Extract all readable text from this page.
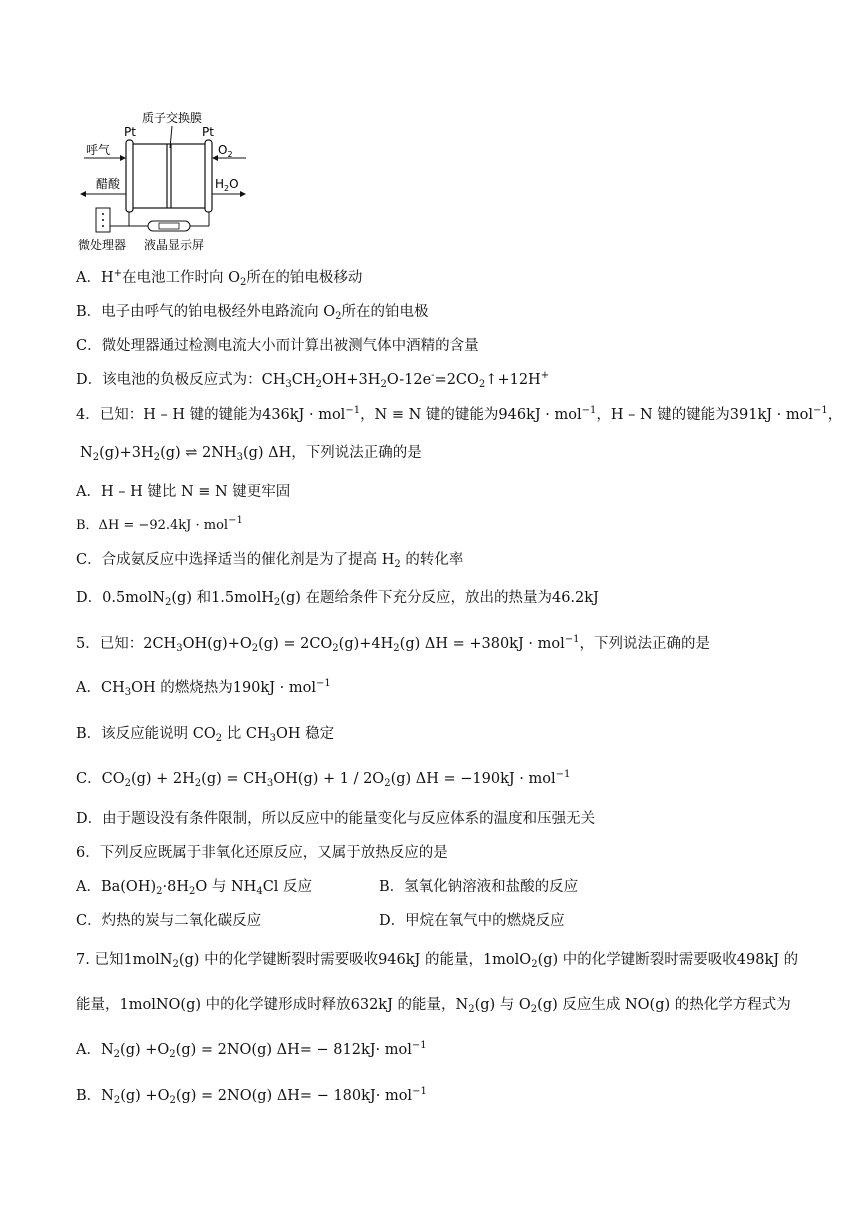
质子交换膜
Pt	Pt
呼气
醋酸
$O_2$
$H_2O$
微处理器 液晶显示屏
A．H+在电池工作时向 $O_2$所在的铂电极移动
B．电子由呼气的铂电极经外电路流向 $O_2$所在的铂电极
C．微处理器通过检测电流大小而计算出被测气体中酒精的含量
D．该电池的负极反应式为：$CH_3CH_2OH+3H_2O-12e^-=2CO_2↑+12H^+$
4．已知：H – H 键的键能为436kJ · mol$^{-1}$，N ≡ N 键的键能为946kJ · mol$^{-1}$，H – N 键的键能为391kJ · mol$^{-1}$，
$N_2(g)+3H_2(g)$ ⇌ $2NH_3(g)$ ΔH，下列说法正确的是
A．H – H 键比 N ≡ N 键更牢固
B．ΔH = −92.4kJ · mol$^{-1}$
C．合成氨反应中选择适当的催化剂是为了提高 $H_2$ 的转化率
D．0.5molN$_2$(g) 和1.5molH$_2$(g) 在题给条件下充分反应，放出的热量为46.2kJ
5．已知：$2CH_3OH(g)+O_2(g) = 2CO_2(g)+4H_2(g) \Delta H = +380kJ \cdot mol^{-1}$，下列说法正确的是
A．$CH_3OH$ 的燃烧热为190kJ · mol$^{-1}$
B．该反应能说明 $CO_2$ 比 $CH_3OH$ 稳定
C．$CO_2(g) + 2H_2(g) = CH_3OH(g) + 1 / 2O_2(g) \Delta H = -190kJ \cdot mol^{-1}$
D．由于题设没有条件限制，所以反应中的能量变化与反应体系的温度和压强无关
6．下列反应既属于非氧化还原反应，又属于放热反应的是
A．$Ba(OH)_2\cdot 8H_2O$ 与 $NH_4Cl$ 反应	B．氢氧化钠溶液和盐酸的反应
C．灼热的炭与二氧化碳反应	D．甲烷在氧气中的燃烧反应
7. 已知1molN$_2$(g) 中的化学键断裂时需要吸收946kJ 的能量，1molO$_2$(g) 中的化学键断裂时需要吸收498kJ 的
能量，1molNO(g) 中的化学键形成时释放632kJ 的能量，$N_2(g)$ 与 $O_2(g)$ 反应生成 NO(g) 的热化学方程式为
A．$N_2(g) +O_2(g) = 2NO(g) \Delta H= - 812kJ\cdot mol^{-1}$
B．$N_2(g) +O_2(g) = 2NO(g) \Delta H= - 180kJ\cdot mol^{-1}$
